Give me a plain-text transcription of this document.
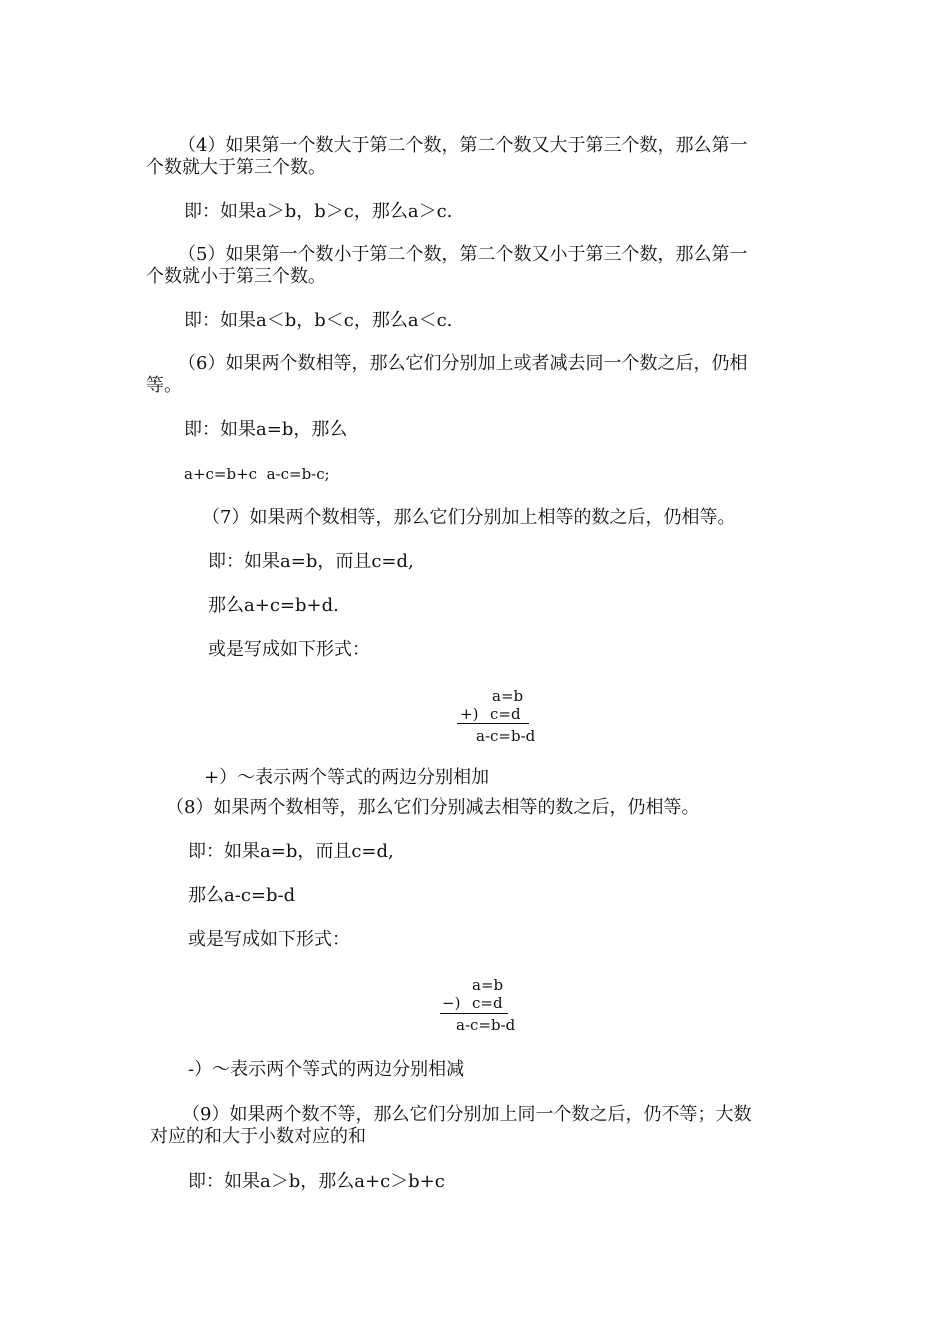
（4）如果第一个数大于第二个数，第二个数又大于第三个数，那么第一
个数就大于第三个数。
即：如果a＞b，b＞c，那么a＞c.
（5）如果第一个数小于第二个数，第二个数又小于第三个数，那么第一
个数就小于第三个数。
即：如果a＜b，b＜c，那么a＜c.
（6）如果两个数相等，那么它们分别加上或者减去同一个数之后，仍相
等。
即：如果a=b，那么
a+c=b+c  a-c=b-c;
（7）如果两个数相等，那么它们分别加上相等的数之后，仍相等。
即：如果a=b，而且c=d,
那么a+c=b+d.
或是写成如下形式：
a=b
+) c=d
a-c=b-d
+）～表示两个等式的两边分别相加
（8）如果两个数相等，那么它们分别减去相等的数之后，仍相等。
即：如果a=b，而且c=d,
那么a-c=b-d
或是写成如下形式：
a=b
−) c=d
a-c=b-d
-）～表示两个等式的两边分别相减
（9）如果两个数不等，那么它们分别加上同一个数之后，仍不等；大数
对应的和大于小数对应的和
即：如果a＞b，那么a+c＞b+c
